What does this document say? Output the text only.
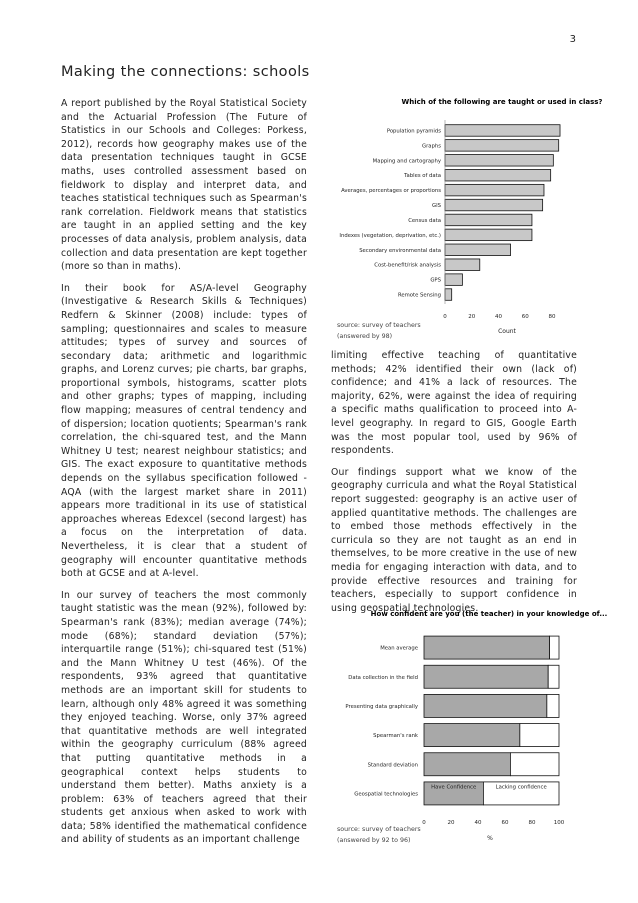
3
Making the connections: schools

A report published by the Royal Statistical Society and the Actuarial Profession (The Future of Statistics in our Schools and Colleges: Porkess, 2012), records how geography makes use of the data presentation techniques taught in GCSE maths, uses controlled assessment based on fieldwork to display and interpret data, and teaches statistical techniques such as Spearman's rank correlation. Fieldwork means that statistics are taught in an applied setting and the key processes of data analysis, problem analysis, data collection and data presentation are kept together (more so than in maths).

In their book for AS/A-level Geography (Investigative & Research Skills & Techniques) Redfern & Skinner (2008) include: types of sampling; questionnaires and scales to measure attitudes; types of survey and sources of secondary data; arithmetic and logarithmic graphs, and Lorenz curves; pie charts, bar graphs, proportional symbols, histograms, scatter plots and other graphs; types of mapping, including flow mapping; measures of central tendency and of dispersion; location quotients; Spearman's rank correlation, the chi-squared test, and the Mann Whitney U test; nearest neighbour statistics; and GIS. The exact exposure to quantitative methods depends on the syllabus specification followed - AQA (with the largest market share in 2011) appears more traditional in its use of statistical approaches whereas Edexcel (second largest) has a focus on the interpretation of data. Nevertheless, it is clear that a student of geography will encounter quantitative methods both at GCSE and at A-level.

In our survey of teachers the most commonly taught statistic was the mean (92%), followed by: Spearman's rank (83%); median average (74%); mode (68%); standard deviation (57%); interquartile range (51%); chi-squared test (51%) and the Mann Whitney U test (46%). Of the respondents, 93% agreed that quantitative methods are an important skill for students to learn, although only 48% agreed it was something they enjoyed teaching. Worse, only 37% agreed that quantitative methods are well integrated within the geography curriculum (88% agreed that putting quantitative methods in a geographical context helps students to understand them better). Maths anxiety is a problem: 63% of teachers agreed that their students get anxious when asked to work with data; 58% identified the mathematical confidence and ability of students as an important challenge

limiting effective teaching of quantitative methods; 42% identified their own (lack of) confidence; and 41% a lack of resources. The majority, 62%, were against the idea of requiring a specific maths qualification to proceed into A-level geography. In regard to GIS, Google Earth was the most popular tool, used by 96% of respondents.

Our findings support what we know of the geography curricula and what the Royal Statistical report suggested: geography is an active user of applied quantitative methods. The challenges are to embed those methods effectively in the curricula so they are not taught as an end in themselves, to be more creative in the use of new media for engaging interaction with data, and to provide effective resources and training for teachers, especially to support confidence in using geospatial technologies.

Which of the following are taught or used in class?
Population pyramids
Graphs
Mapping and cartography
Tables of data
Averages, percentages or proportions
GIS
Census data
Indexes (vegetation, deprivation, etc.)
Secondary environmental data
Cost-benefit/risk analysis
GPS
Remote Sensing
0	20	40	60	80
Count
source: survey of teachers
(answered by 98)
How confident are you (the teacher) in your knowledge of...
Mean average
Data collection in the field
Presenting data graphically
Spearman's rank
Standard deviation
Geospatial technologies
Have Confidence	Lacking confidence
0	20	40	60	80	100
%
source: survey of teachers
(answered by 92 to 96)
